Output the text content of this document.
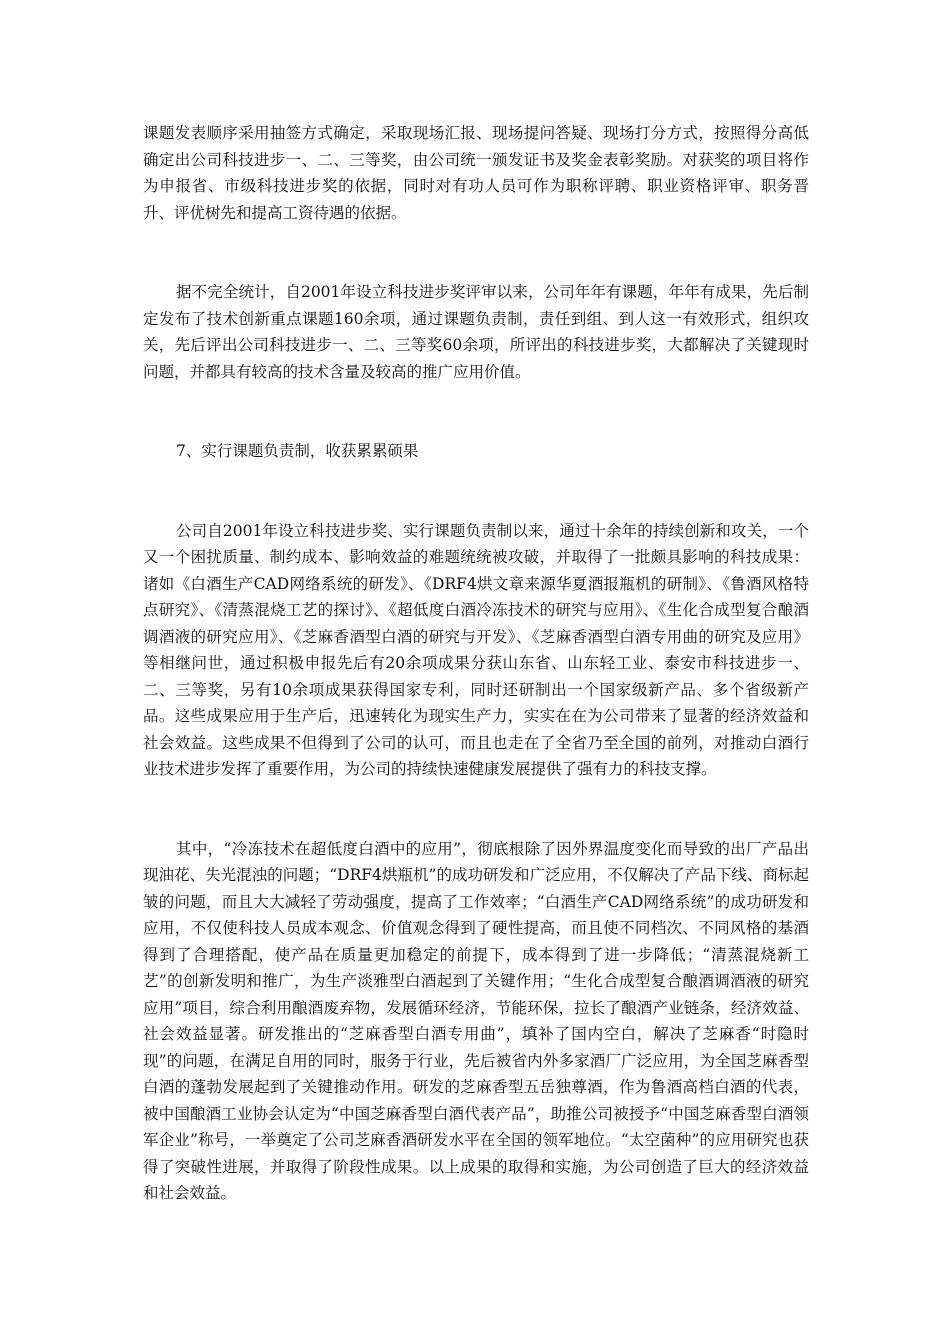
课题发表顺序采用抽签方式确定，采取现场汇报、现场提问答疑、现场打分方式，按照得分高低确定出公司科技进步一、二、三等奖，由公司统一颁发证书及奖金表彰奖励。对获奖的项目将作为申报省、市级科技进步奖的依据，同时对有功人员可作为职称评聘、职业资格评审、职务晋升、评优树先和提高工资待遇的依据。

据不完全统计，自2001年设立科技进步奖评审以来，公司年年有课题，年年有成果，先后制定发布了技术创新重点课题160余项，通过课题负责制，责任到组、到人这一有效形式，组织攻关，先后评出公司科技进步一、二、三等奖60余项，所评出的科技进步奖，大都解决了关键现时问题，并都具有较高的技术含量及较高的推广应用价值。

7、实行课题负责制，收获累累硕果

公司自2001年设立科技进步奖、实行课题负责制以来，通过十余年的持续创新和攻关，一个又一个困扰质量、制约成本、影响效益的难题统统被攻破，并取得了一批颇具影响的科技成果：诸如《白酒生产CAD网络系统的研发》、《DRF4烘文章来源华夏酒报瓶机的研制》、《鲁酒风格特点研究》、《清蒸混烧工艺的探讨》、《超低度白酒冷冻技术的研究与应用》、《生化合成型复合酿酒调酒液的研究应用》、《芝麻香酒型白酒的研究与开发》、《芝麻香酒型白酒专用曲的研究及应用》等相继问世，通过积极申报先后有20余项成果分获山东省、山东轻工业、泰安市科技进步一、二、三等奖，另有10余项成果获得国家专利，同时还研制出一个国家级新产品、多个省级新产品。这些成果应用于生产后，迅速转化为现实生产力，实实在在为公司带来了显著的经济效益和社会效益。这些成果不但得到了公司的认可，而且也走在了全省乃至全国的前列，对推动白酒行业技术进步发挥了重要作用，为公司的持续快速健康发展提供了强有力的科技支撑。

其中，“冷冻技术在超低度白酒中的应用”，彻底根除了因外界温度变化而导致的出厂产品出现油花、失光混浊的问题；“DRF4烘瓶机”的成功研发和广泛应用，不仅解决了产品下线、商标起皱的问题，而且大大减轻了劳动强度，提高了工作效率；“白酒生产CAD网络系统”的成功研发和应用，不仅使科技人员成本观念、价值观念得到了硬性提高，而且使不同档次、不同风格的基酒得到了合理搭配，使产品在质量更加稳定的前提下，成本得到了进一步降低；“清蒸混烧新工艺”的创新发明和推广，为生产淡雅型白酒起到了关键作用；“生化合成型复合酿酒调酒液的研究应用”项目，综合利用酿酒废弃物，发展循环经济，节能环保，拉长了酿酒产业链条，经济效益、社会效益显著。研发推出的“芝麻香型白酒专用曲”，填补了国内空白，解决了芝麻香“时隐时现”的问题，在满足自用的同时，服务于行业，先后被省内外多家酒厂广泛应用，为全国芝麻香型白酒的蓬勃发展起到了关键推动作用。研发的芝麻香型五岳独尊酒，作为鲁酒高档白酒的代表，被中国酿酒工业协会认定为“中国芝麻香型白酒代表产品”，助推公司被授予“中国芝麻香型白酒领军企业”称号，一举奠定了公司芝麻香酒研发水平在全国的领军地位。“太空菌种”的应用研究也获得了突破性进展，并取得了阶段性成果。以上成果的取得和实施，为公司创造了巨大的经济效益和社会效益。
